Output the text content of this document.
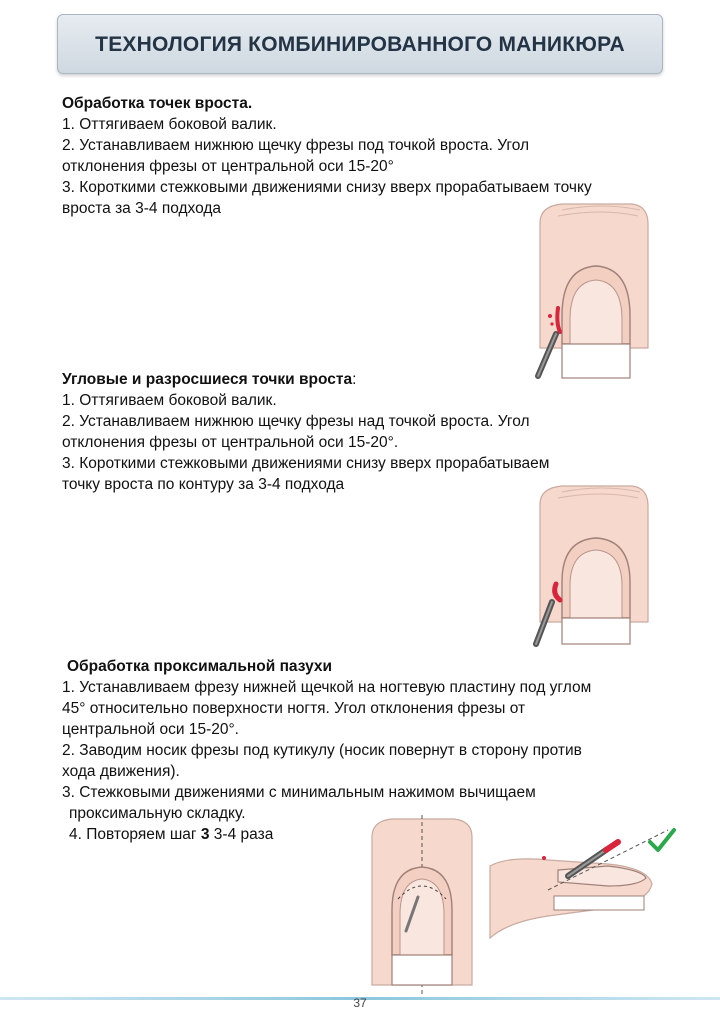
ТЕХНОЛОГИЯ КОМБИНИРОВАННОГО МАНИКЮРА

Обработка точек вроста.

1. Оттягиваем боковой валик.

2. Устанавливаем нижнюю щечку фрезы под точкой вроста. Угол

отклонения фрезы от центральной оси 15-20°

3. Короткими стежковыми движениями снизу вверх прорабатываем точку

вроста за 3-4 подхода

Угловые и разросшиеся точки вроста:

1. Оттягиваем боковой валик.

2. Устанавливаем нижнюю щечку фрезы над точкой вроста. Угол

отклонения фрезы от центральной оси 15-20°.

3. Короткими стежковыми движениями снизу вверх прорабатываем

точку вроста по контуру за 3-4 подхода

Обработка проксимальной пазухи

1. Устанавливаем фрезу нижней щечкой на ногтевую пластину под углом

45° относительно поверхности ногтя. Угол отклонения фрезы от

центральной оси 15-20°.

2. Заводим носик фрезы под кутикулу (носик повернут в сторону против

хода движения).

3. Стежковыми движениями с минимальным нажимом вычищаем

проксимальную складку.

4. Повторяем шаг 3 3-4 раза

37
